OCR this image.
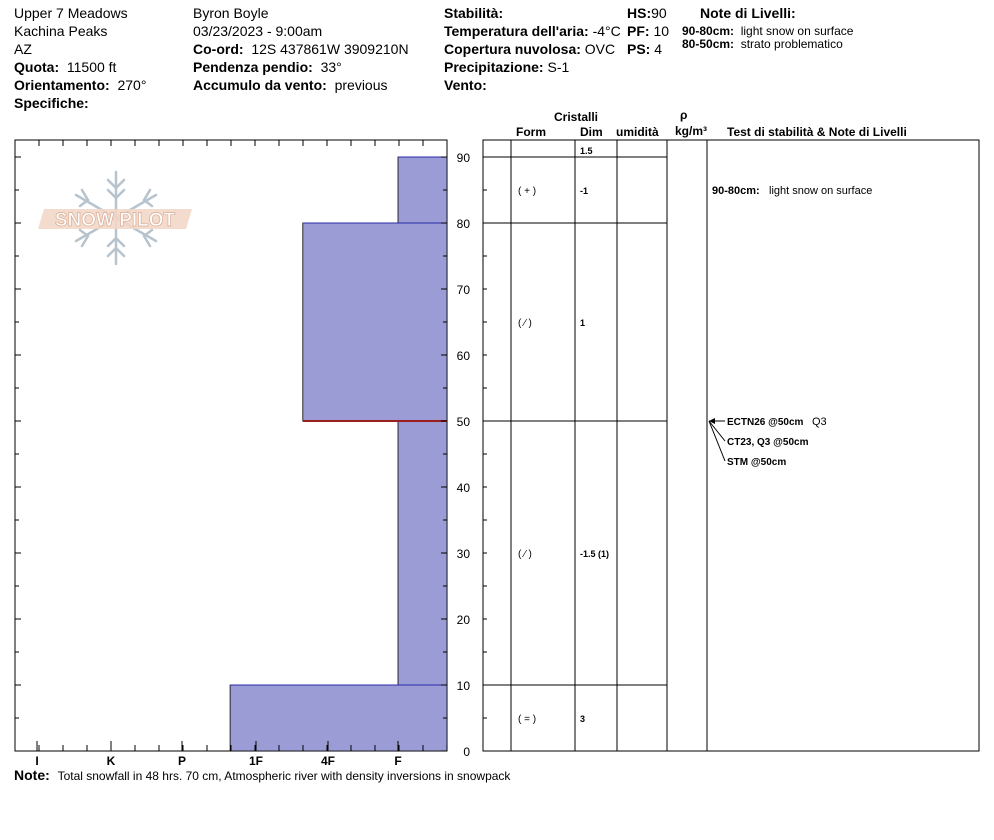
Upper 7 Meadows
Kachina Peaks
AZ
Quota: 11500 ft
Orientamento: 270°
Specifiche:
Byron Boyle
03/23/2023 - 9:00am
Co-ord: 12S 437861W 3909210N
Pendenza pendio: 33°
Accumulo da vento: previous
Stabilità:
Temperatura dell'aria: -4°C
Copertura nuvolosa: OVC
Precipitazione: S-1
Vento:
HS:90
PF: 10
PS: 4
Note di Livelli:
90-80cm: light snow on surface
80-50cm: strato problematico
Cristalli
Form	Dim umidità
ρ
kg/m³ Test di stabilità & Note di Livelli
SNOW PILOT
0
10
20
30
40
50
60
70
80
90
I	K	P	1F	4F	F
1.5
( + )	-1
( ⁄ )	1
( ⁄ )	-1.5 (1)
( = )	3
90-80cm: light snow on surface
ECTN26 @50cm Q3
CT23, Q3 @50cm
STM @50cm
Note: Total snowfall in 48 hrs. 70 cm, Atmospheric river with density inversions in snowpack
